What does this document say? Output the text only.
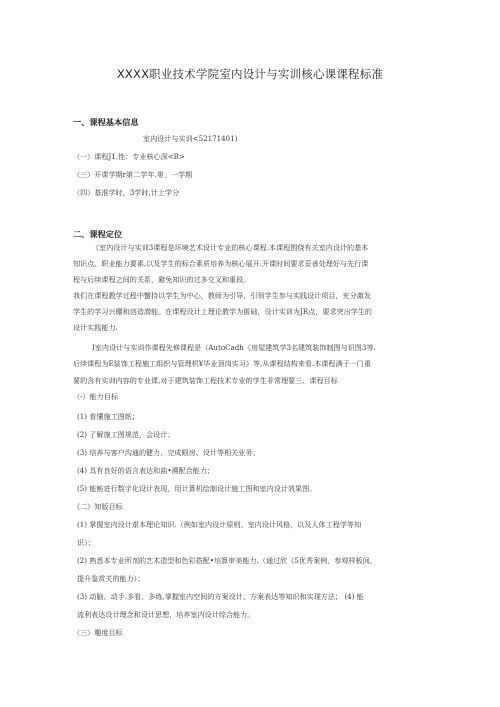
XXXX职业技术学院室内设计与实训核心课课程标准
一、课程基本信息
室内设计与实训<52171401)
（一）课程J1.性：专业核心深<B>
（三）开课学期r第二学年.第」一学期
（四）基准学时，3学时,计上学分
二、课程定位
《室内设计与实训3课程是环境艺术设计专业的核心课程.本课程围绕有关室内设计的基本
知识点、职业能力要素,以及学生的标合素质培养为核心展开.开课时间要求妥善处理好与先行课
程与后续课程之间的关系，避免知识的过多交叉和重段。
我们在课程教学过程中蟹持以学生为中心，教师为引导，引领学生参与实践设计项目，充分激发
学生的学习兴棚和创造潜能。在课程设计上理论教学为匿础，设计实训为JR点，要求突出学生的
设计实践能力.
I室内设计与实训作课程先修课程是（AutoCadh《房屋建筑学3名建筑装饰制图与识图3等.
后续课程为E装饰工程施工组织与管理机¥毕业顶岗实习》等,从课程结构来看.本课程满于一门重
要的含有实训内容的专业课,对于建筑装饰工程技术专业的学生非常理要三、课程目标
（-）能力目标
(1) 看懂施工图纸；
(2) 了解施工图规范，会设计；
(3) 培养与客户沟通的健力，完成眼房、设计等相关业务；
(4) 具有良好的语言表达和曲•溯配合能力；
(5) 能鲂进行数字化设计表现，用计算机绘制设计施工图和室内设计效果图。
《二》知版目标
(1) 掌握室内设计艰本理论知识.（例如室内设计原则、室内设计风格，以及人体工程学等知
识）；
(2) 熟悉本专业所剂的艺术造型和色彩搭配•培算审美能力.（通过欣《5优秀案例，参观样板间，
提升鉴赏关的能力）；
(3) 动脑、动手.多看、多练,掌握室内空间的方案设计、方案表达等知识和实现方法； (4) 能
流利表达设计理念和设计思想，培养室内设计综合能力。
（三）趣度目标
